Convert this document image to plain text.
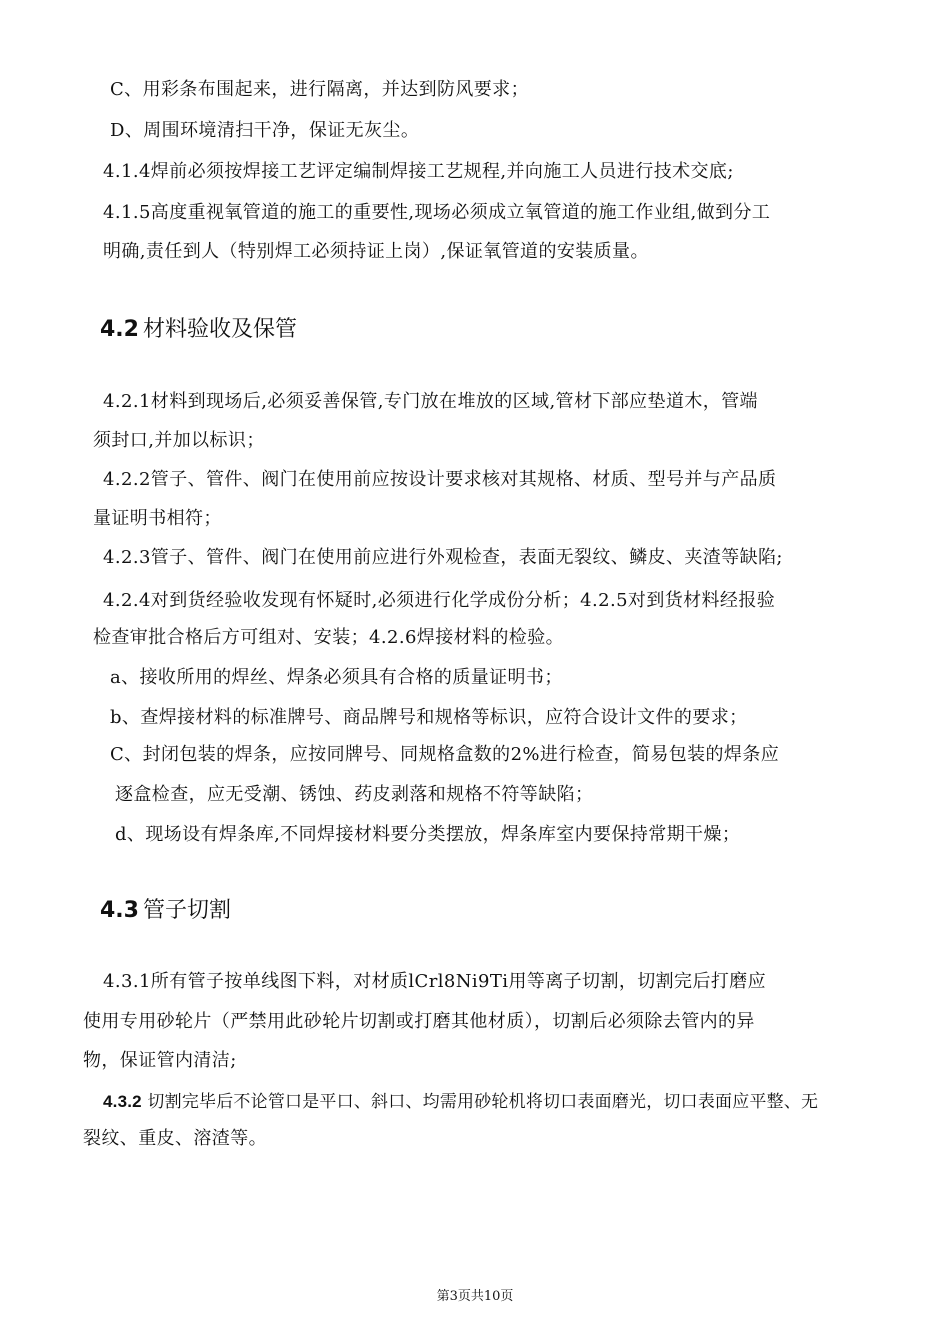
C、用彩条布围起来，进行隔离，并达到防风要求；
D、周围环境清扫干净，保证无灰尘。
4.1.4焊前必须按焊接工艺评定编制焊接工艺规程,并向施工人员进行技术交底;
4.1.5高度重视氧管道的施工的重要性,现场必须成立氧管道的施工作业组,做到分工
明确,责任到人（特别焊工必须持证上岗）,保证氧管道的安装质量。
4.2 材料验收及保管
4.2.1材料到现场后,必须妥善保管,专门放在堆放的区域,管材下部应垫道木，管端
须封口,并加以标识；
4.2.2管子、管件、阀门在使用前应按设计要求核对其规格、材质、型号并与产品质
量证明书相符；
4.2.3管子、管件、阀门在使用前应进行外观检查，表面无裂纹、鳞皮、夹渣等缺陷;
4.2.4对到货经验收发现有怀疑时,必须进行化学成份分析；4.2.5对到货材料经报验
检查审批合格后方可组对、安装；4.2.6焊接材料的检验。
a、接收所用的焊丝、焊条必须具有合格的质量证明书；
b、查焊接材料的标准牌号、商品牌号和规格等标识，应符合设计文件的要求；
C、封闭包装的焊条，应按同牌号、同规格盒数的2%进行检查，简易包装的焊条应
逐盒检查，应无受潮、锈蚀、药皮剥落和规格不符等缺陷；
d、现场设有焊条库,不同焊接材料要分类摆放，焊条库室内要保持常期干燥；
4.3 管子切割
4.3.1所有管子按单线图下料，对材质lCrl8Ni9Ti用等离子切割，切割完后打磨应
使用专用砂轮片（严禁用此砂轮片切割或打磨其他材质），切割后必须除去管内的异
物，保证管内清洁;
4.3.2 切割完毕后不论管口是平口、斜口、均需用砂轮机将切口表面磨光，切口表面应平整、无
裂纹、重皮、溶渣等。
第3页共10页
